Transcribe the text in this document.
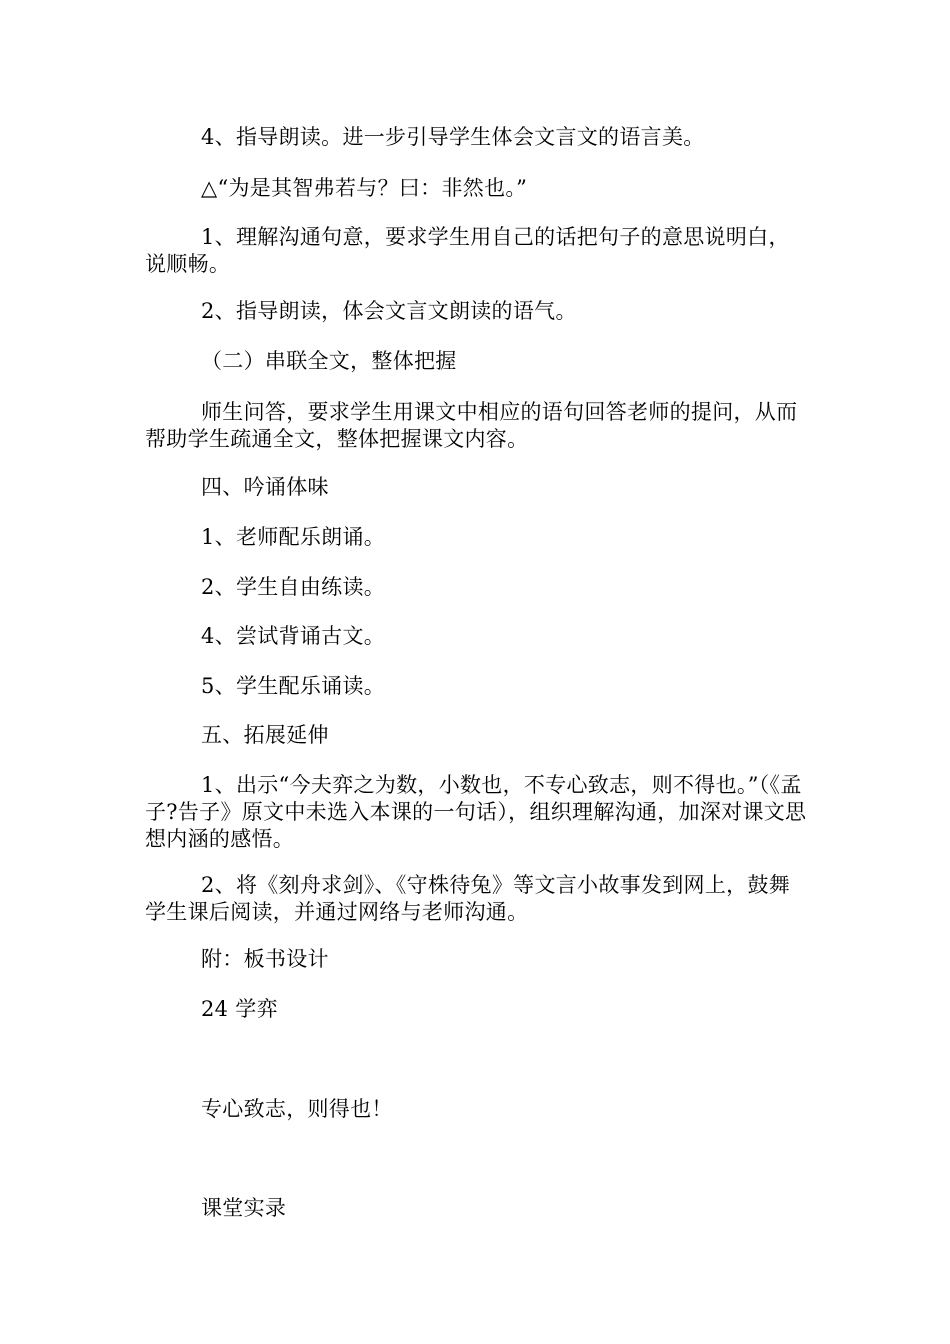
4、指导朗读。进一步引导学生体会文言文的语言美。

△“为是其智弗若与？曰：非然也。”

1、理解沟通句意，要求学生用自己的话把句子的意思说明白，说顺畅。

2、指导朗读，体会文言文朗读的语气。

（二）串联全文，整体把握

师生问答，要求学生用课文中相应的语句回答老师的提问，从而帮助学生疏通全文，整体把握课文内容。

四、吟诵体味

1、老师配乐朗诵。

2、学生自由练读。

4、尝试背诵古文。

5、学生配乐诵读。

五、拓展延伸

1、出示“今夫弈之为数，小数也，不专心致志，则不得也。”（《孟子?告子》原文中未选入本课的一句话），组织理解沟通，加深对课文思想内涵的感悟。

2、将《刻舟求剑》、《守株待兔》等文言小故事发到网上，鼓舞学生课后阅读，并通过网络与老师沟通。

附：板书设计

24 学弈

专心致志，则得也！

课堂实录
